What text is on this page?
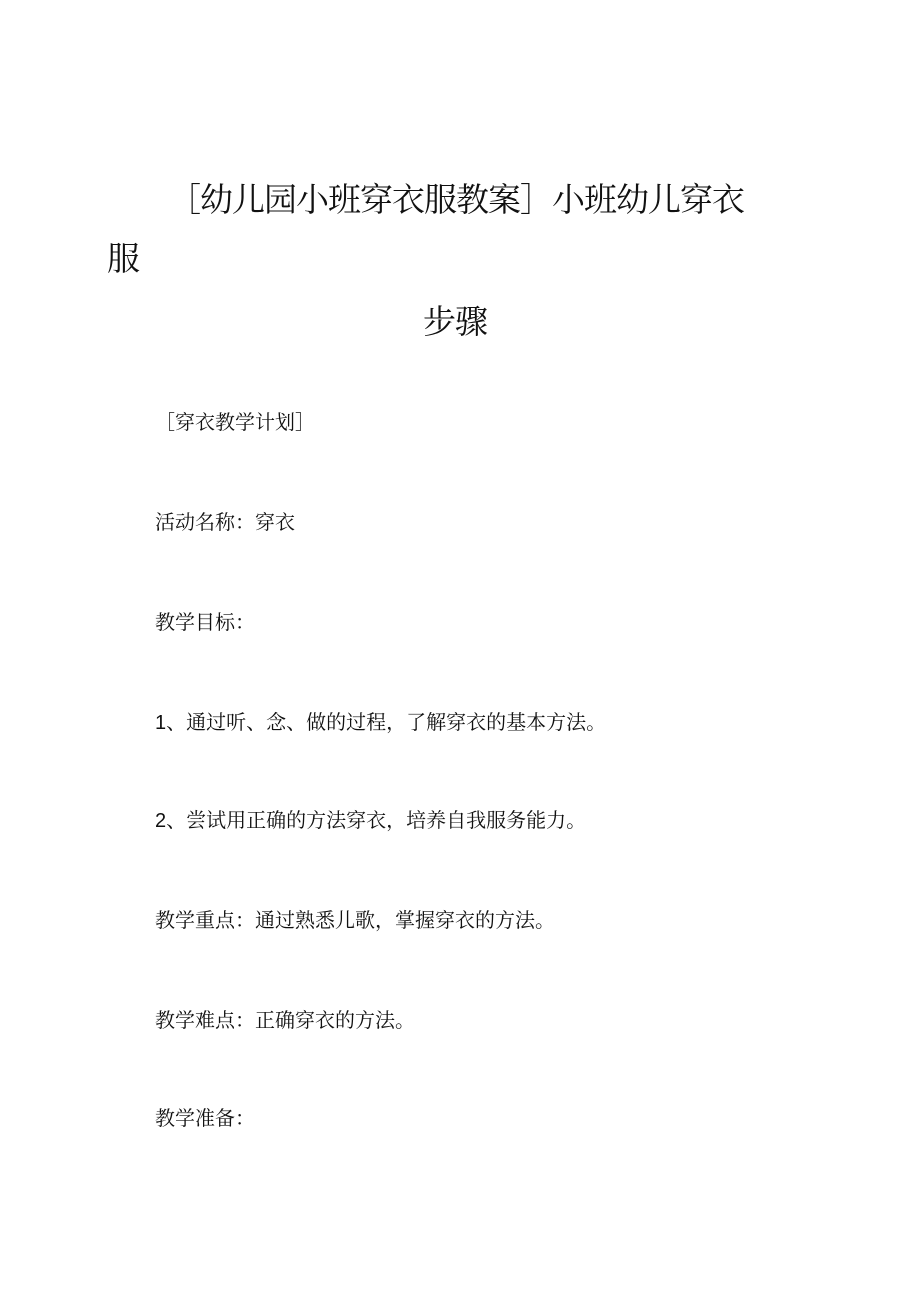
［幼儿园小班穿衣服教案］小班幼儿穿衣
服
步骤
［穿衣教学计划］
活动名称：穿衣
教学目标：
1、通过听、念、做的过程，了解穿衣的基本方法。
2、尝试用正确的方法穿衣，培养自我服务能力。
教学重点：通过熟悉儿歌，掌握穿衣的方法。
教学难点：正确穿衣的方法。
教学准备：
